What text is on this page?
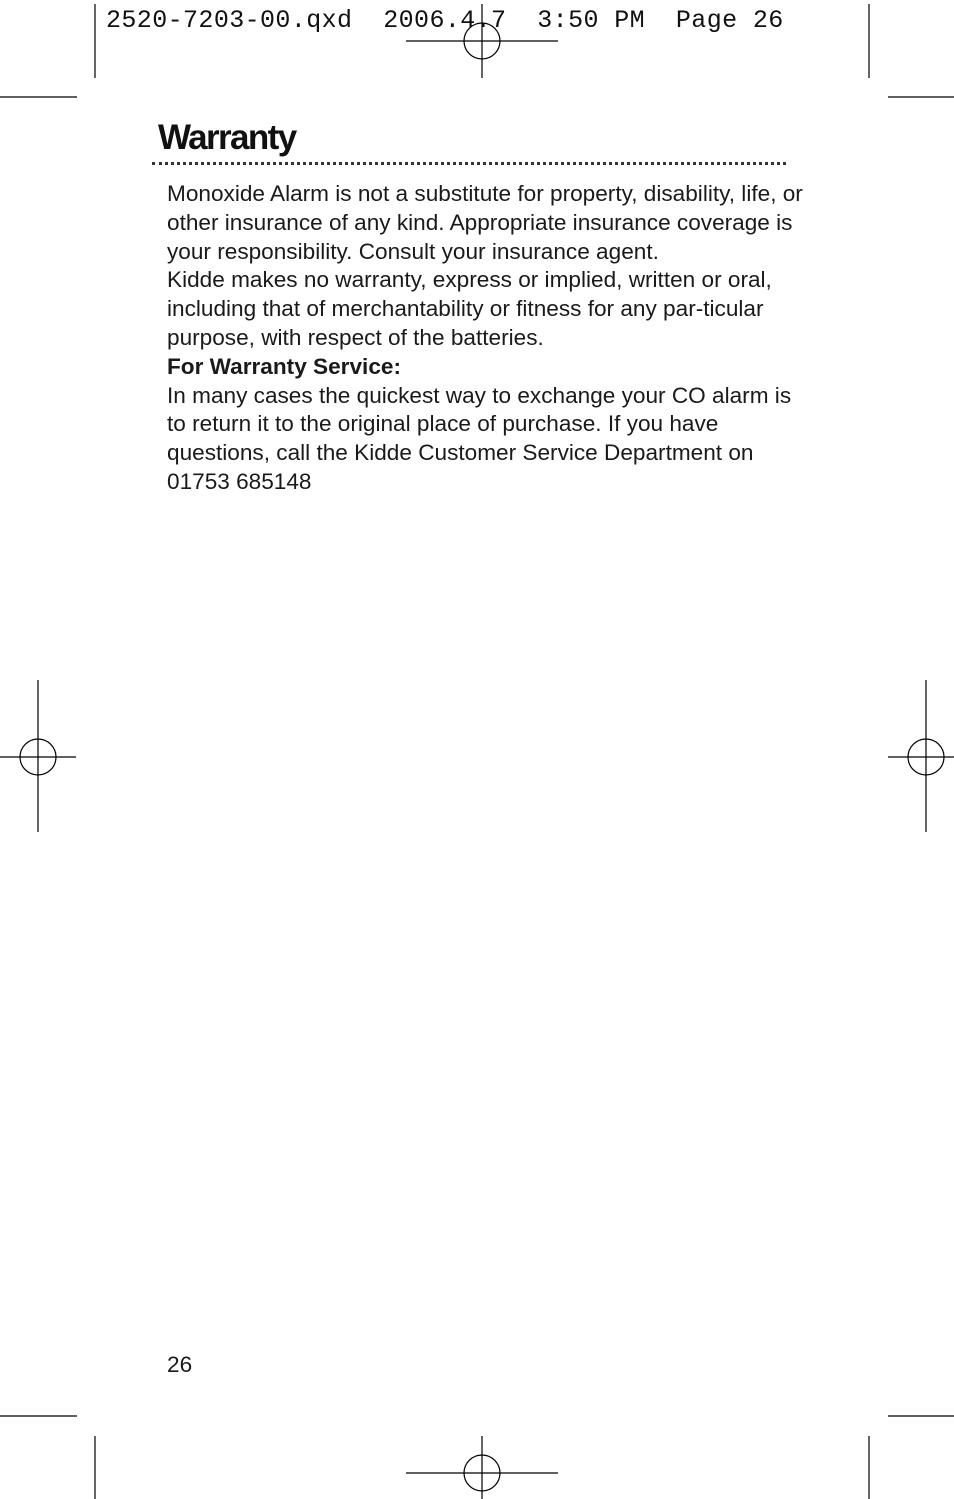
2520-7203-00.qxd  2006.4.7  3:50 PM  Page 26
Warranty

Monoxide Alarm is not a substitute for property, disability, life, or other insurance of any kind. Appropriate insurance coverage is your responsibility. Consult your insurance agent.

Kidde makes no warranty, express or implied, written or oral, including that of merchantability or fitness for any par-ticular purpose, with respect of the batteries.

For Warranty Service:

In many cases the quickest way to exchange your CO alarm is to return it to the original place of purchase. If you have questions, call the Kidde Customer Service Department on 01753 685148

26
